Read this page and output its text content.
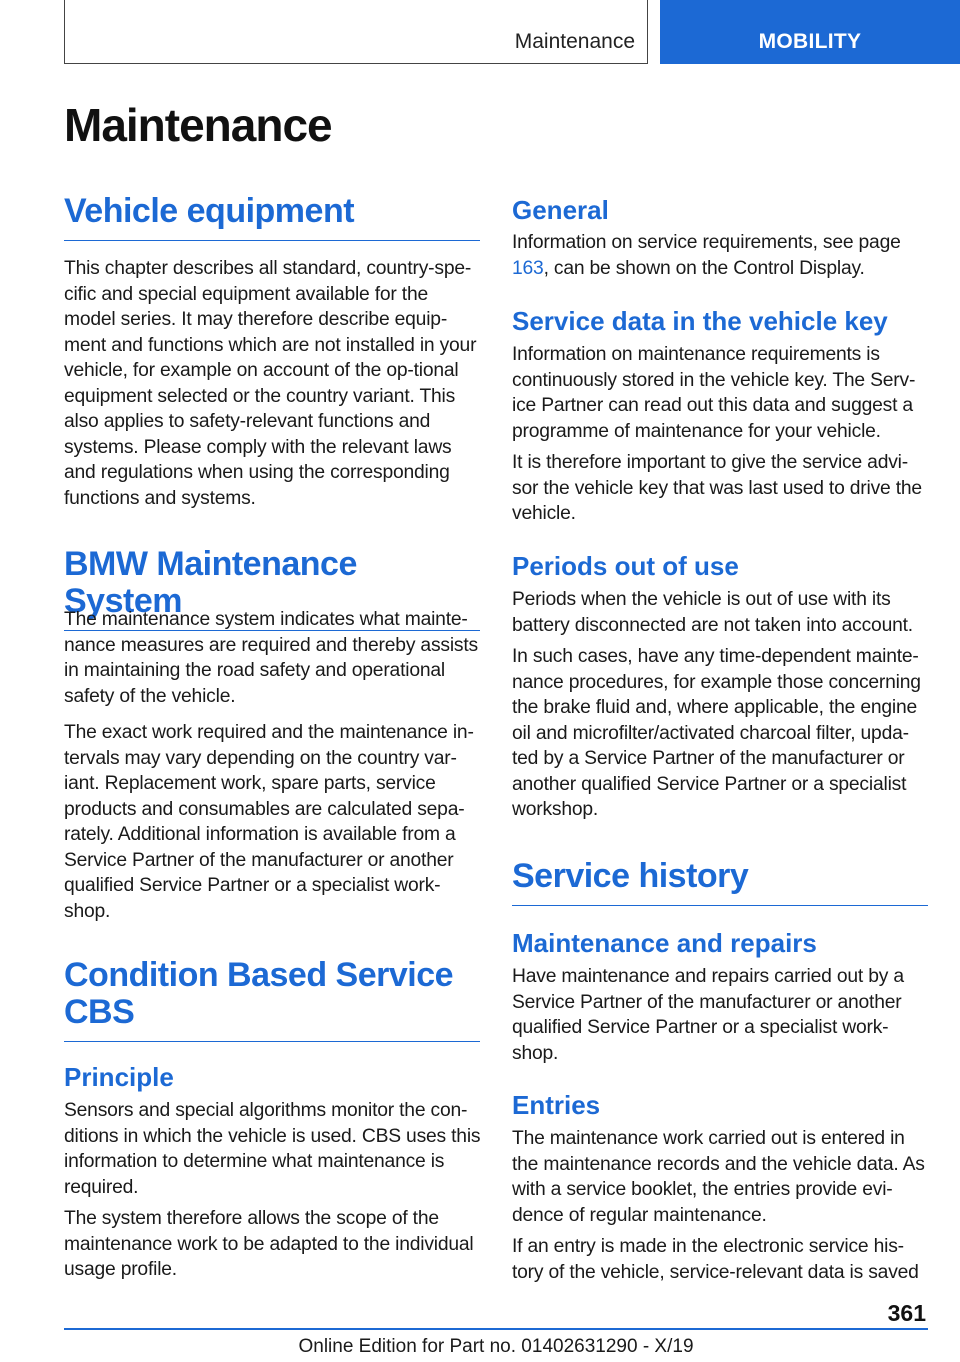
Maintenance	MOBILITY
Maintenance
Vehicle equipment

This chapter describes all standard, country-spe-cific and special equipment available for the model series. It may therefore describe equip-ment and functions which are not installed in your vehicle, for example on account of the op-tional equipment selected or the country variant. This also applies to safety-relevant functions and systems. Please comply with the relevant laws and regulations when using the corresponding functions and systems.

BMW Maintenance System

The maintenance system indicates what mainte-nance measures are required and thereby assists in maintaining the road safety and operational safety of the vehicle.

The exact work required and the maintenance in-tervals may vary depending on the country var-iant. Replacement work, spare parts, service products and consumables are calculated sepa-rately. Additional information is available from a Service Partner of the manufacturer or another qualified Service Partner or a specialist work-shop.

Condition Based Service CBS
Principle

Sensors and special algorithms monitor the con-ditions in which the vehicle is used. CBS uses this information to determine what maintenance is required.

The system therefore allows the scope of the maintenance work to be adapted to the individual usage profile.

General

Information on service requirements, see page 163, can be shown on the Control Display.

Service data in the vehicle key

Information on maintenance requirements is continuously stored in the vehicle key. The Serv-ice Partner can read out this data and suggest a programme of maintenance for your vehicle.

It is therefore important to give the service advi-sor the vehicle key that was last used to drive the vehicle.

Periods out of use

Periods when the vehicle is out of use with its battery disconnected are not taken into account.

In such cases, have any time-dependent mainte-nance procedures, for example those concerning the brake fluid and, where applicable, the engine oil and microfilter/activated charcoal filter, upda-ted by a Service Partner of the manufacturer or another qualified Service Partner or a specialist workshop.

Service history
Maintenance and repairs

Have maintenance and repairs carried out by a Service Partner of the manufacturer or another qualified Service Partner or a specialist work-shop.

Entries

The maintenance work carried out is entered in the maintenance records and the vehicle data. As with a service booklet, the entries provide evi-dence of regular maintenance.

If an entry is made in the electronic service his-tory of the vehicle, service-relevant data is saved

361
Online Edition for Part no. 01402631290 - X/19
